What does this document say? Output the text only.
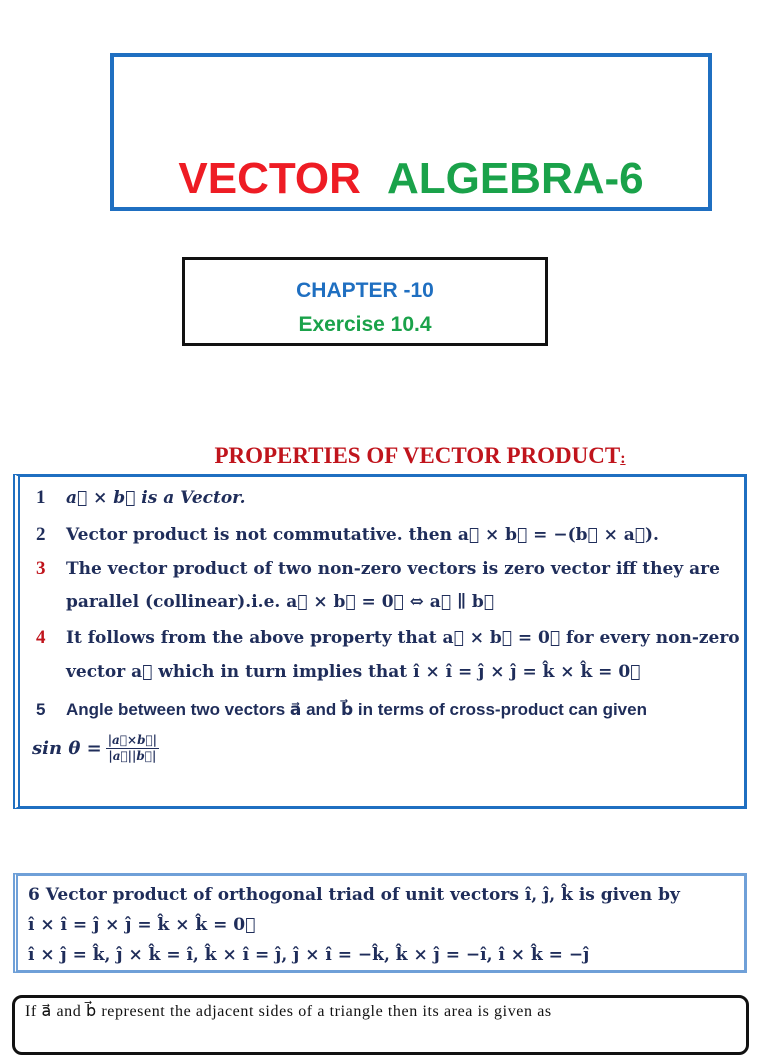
VECTOR ALGEBRA-6
CHAPTER -10
Exercise 10.4
PROPERTIES OF VECTOR PRODUCT:
1 a⃗ × b⃗ is a Vector.
2 Vector product is not commutative. then a⃗ × b⃗ = −(b⃗ × a⃗).
3 The vector product of two non-zero vectors is zero vector iff they are
parallel (collinear).i.e. a⃗ × b⃗ = 0⃗ ⇔ a⃗ ∥ b⃗
4 It follows from the above property that a⃗ × b⃗ = 0⃗ for every non-zero
vector a⃗ which in turn implies that î × î = ĵ × ĵ = k̂ × k̂ = 0⃗
5 Angle between two vectors a⃗ and b⃗ in terms of cross-product can given
$\sin \theta = \frac{|a⃗\times b⃗|}{|a⃗||b⃗|}$
6 Vector product of orthogonal triad of unit vectors î, ĵ, k̂ is given by
î × î = ĵ × ĵ = k̂ × k̂ = 0⃗
î × ĵ = k̂, ĵ × k̂ = î, k̂ × î = ĵ, ĵ × î = −k̂, k̂ × ĵ = −î, î × k̂ = −ĵ
If a⃗ and b⃗ represent the adjacent sides of a triangle then its area is given as
